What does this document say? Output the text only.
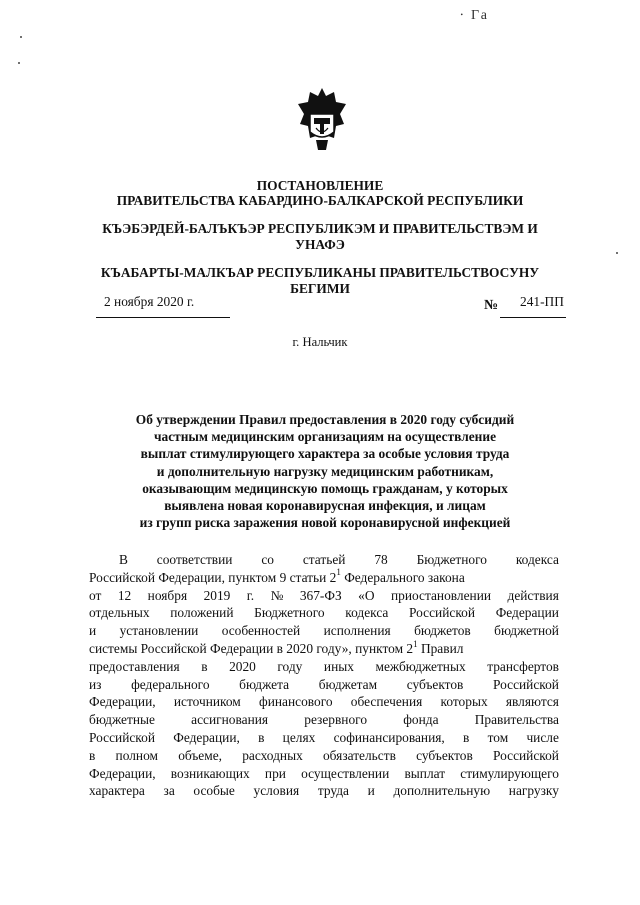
∙ Га
ПОСТАНОВЛЕНИЕ
ПРАВИТЕЛЬСТВА КАБАРДИНО-БАЛКАРСКОЙ РЕСПУБЛИКИ
КЪЭБЭРДЕЙ-БАЛЪКЪЭР РЕСПУБЛИКЭМ И ПРАВИТЕЛЬСТВЭМ И
УНАФЭ
КЪАБАРТЫ-МАЛКЪАР РЕСПУБЛИКАНЫ ПРАВИТЕЛЬСТВОСУНУ
БЕГИМИ
2 ноября 2020 г.	№ 241-ПП
г. Нальчик
Об утверждении Правил предоставления в 2020 году субсидий
частным медицинским организациям на осуществление
выплат стимулирующего характера за особые условия труда
и дополнительную нагрузку медицинским работникам,
оказывающим медицинскую помощь гражданам, у которых
выявлена новая коронавирусная инфекция, и лицам
из групп риска заражения новой коронавирусной инфекцией
В соответствии со статьей 78 Бюджетного кодекса
Российской Федерации, пунктом 9 статьи $2^1$ Федерального закона
от 12 ноября 2019 г. № 367-ФЗ «О приостановлении действия
отдельных положений Бюджетного кодекса Российской Федерации
и установлении особенностей исполнения бюджетов бюджетной
системы Российской Федерации в 2020 году», пунктом $2^1$ Правил
предоставления в 2020 году иных межбюджетных трансфертов
из федерального бюджета бюджетам субъектов Российской
Федерации, источником финансового обеспечения которых являются
бюджетные	ассигнования	резервного	фонда	Правительства
Российской Федерации, в целях софинансирования, в том числе
в полном объеме, расходных обязательств субъектов Российской
Федерации, возникающих при осуществлении выплат стимулирующего
характера за особые условия труда и дополнительную нагрузку
